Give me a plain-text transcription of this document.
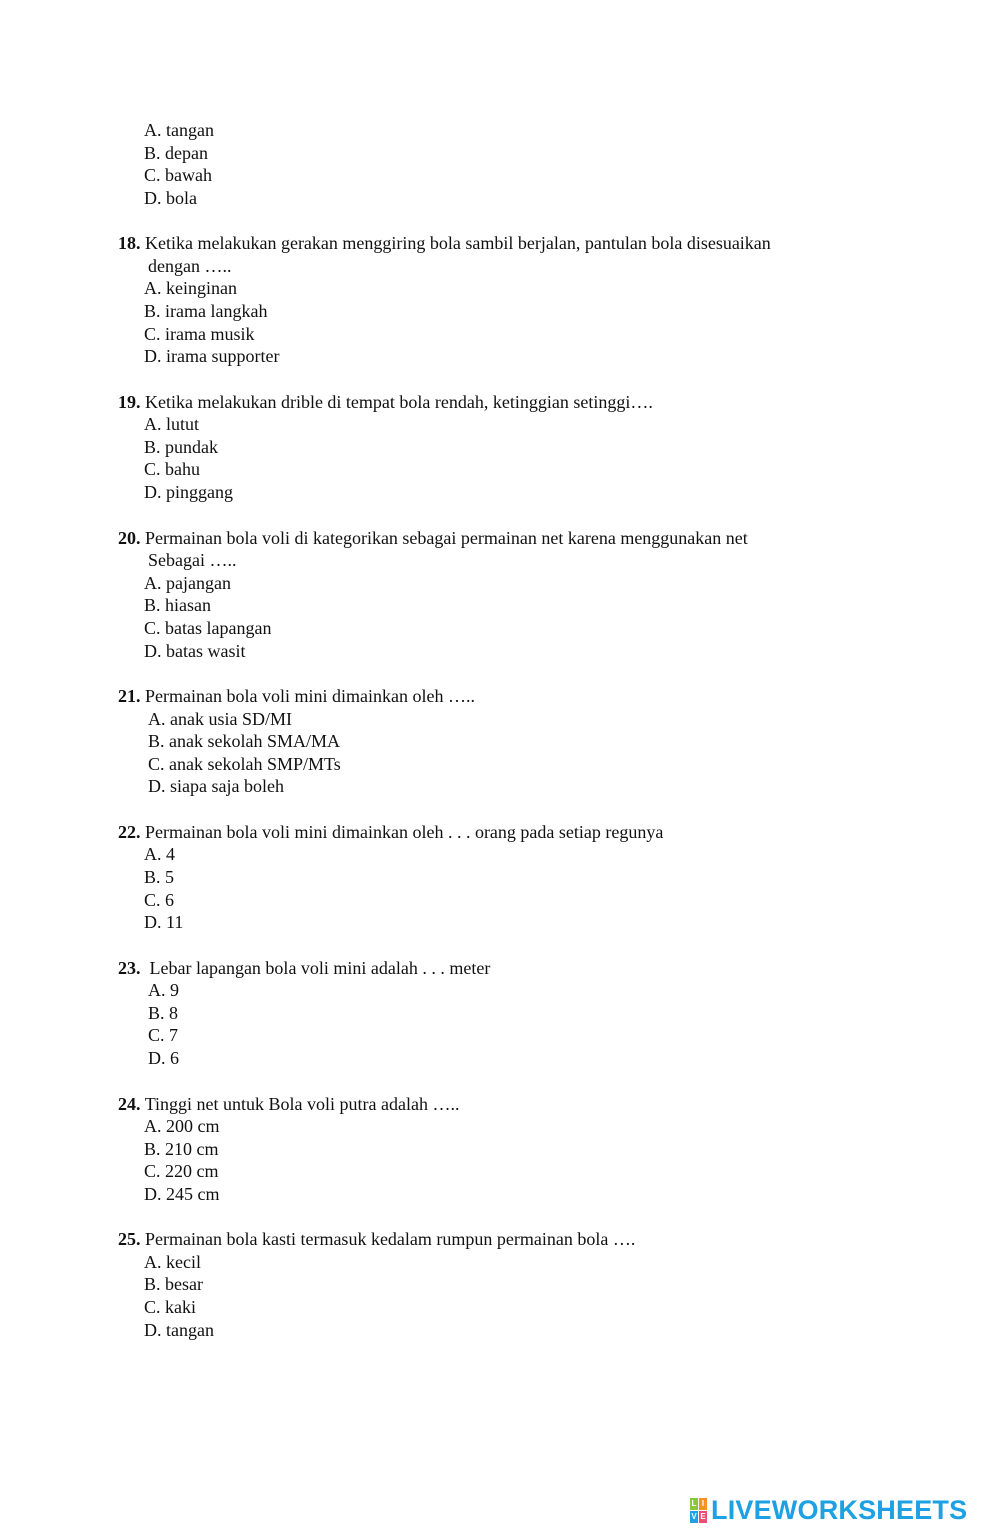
A. tangan
B. depan
C. bawah
D. bola
18. Ketika melakukan gerakan menggiring bola sambil berjalan, pantulan bola disesuaikan
dengan …..
A. keinginan
B. irama langkah
C. irama musik
D. irama supporter
19. Ketika melakukan drible di tempat bola rendah, ketinggian setinggi….
A. lutut
B. pundak
C. bahu
D. pinggang
20. Permainan bola voli di kategorikan sebagai permainan net karena menggunakan net
Sebagai …..
A. pajangan
B. hiasan
C. batas lapangan
D. batas wasit
21. Permainan bola voli mini dimainkan oleh …..
A. anak usia SD/MI
B. anak sekolah SMA/MA
C. anak sekolah SMP/MTs
D. siapa saja boleh
22. Permainan bola voli mini dimainkan oleh . . . orang pada setiap regunya
A. 4
B. 5
C. 6
D. 11
23. Lebar lapangan bola voli mini adalah . . . meter
A. 9
B. 8
C. 7
D. 6
24. Tinggi net untuk Bola voli putra adalah …..
A. 200 cm
B. 210 cm
C. 220 cm
D. 245 cm
25. Permainan bola kasti termasuk kedalam rumpun permainan bola ….
A. kecil
B. besar
C. kaki
D. tangan
L I
V E LIVEWORKSHEETS
